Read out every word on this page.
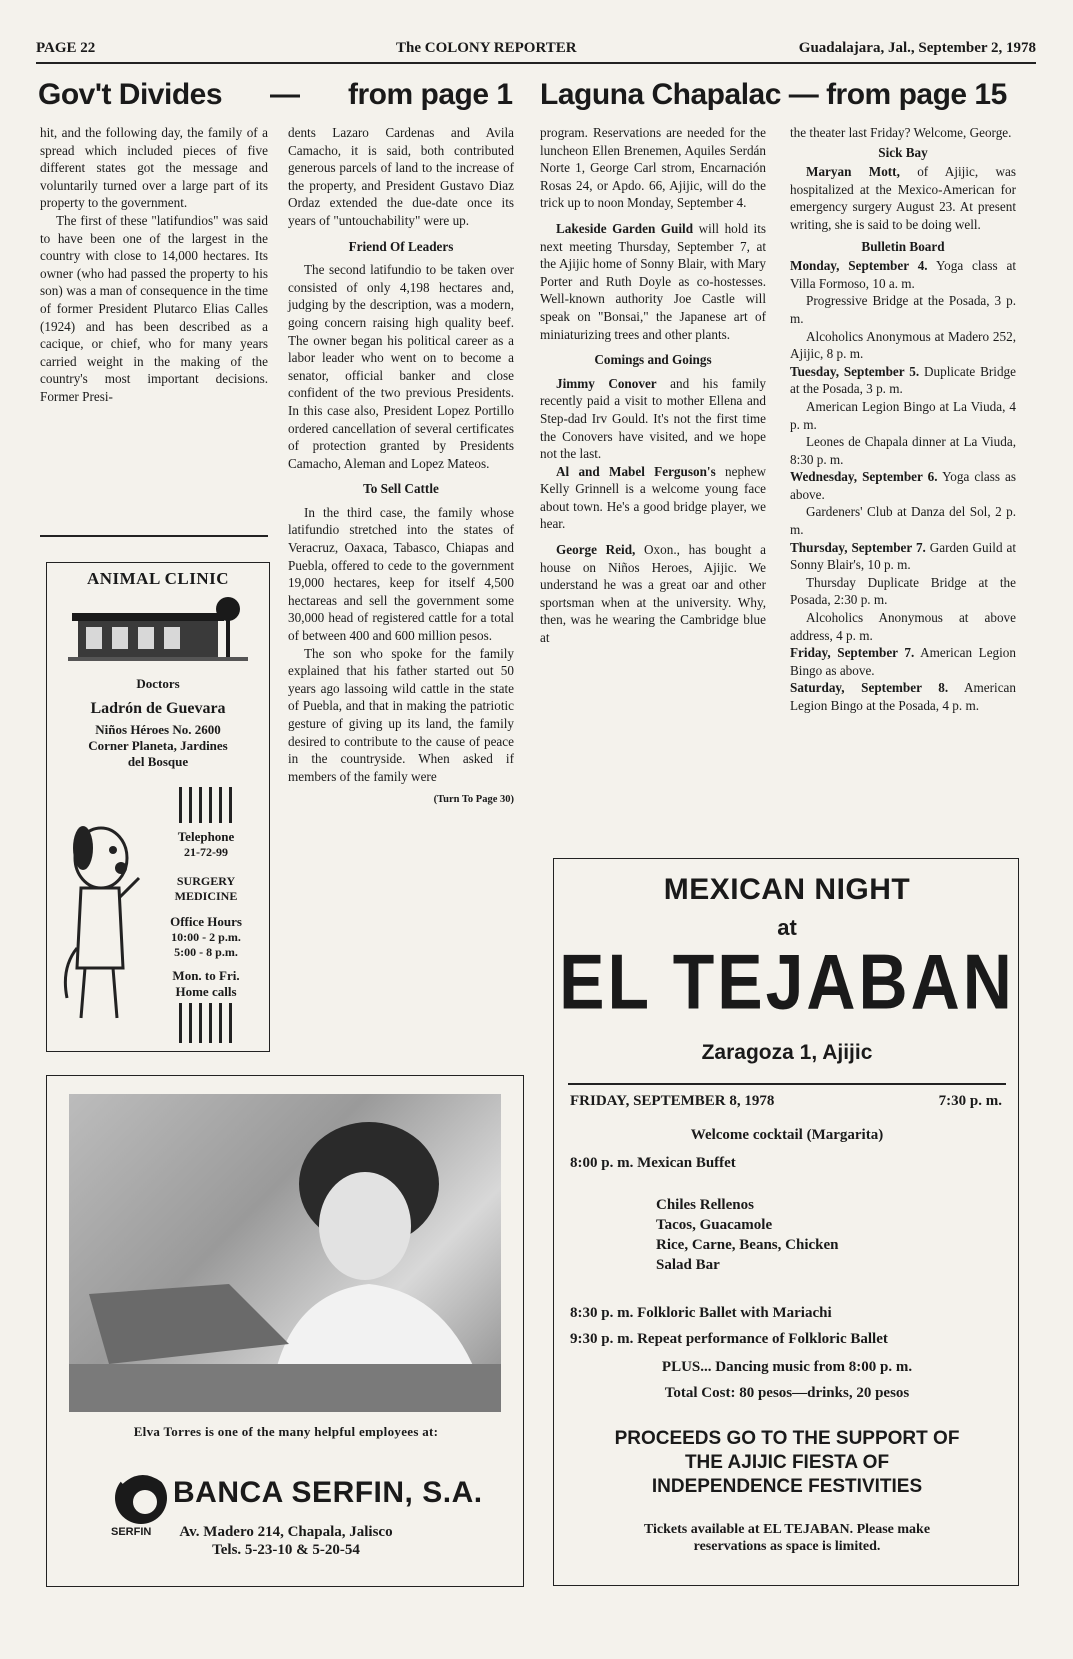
PAGE 22	The COLONY REPORTER	Guadalajara, Jal., September 2, 1978
Gov't Divides — from page 1

hit, and the following day, the family of a spread which included pieces of five different states got the message and voluntarily turned over a large part of its property to the government.

The first of these "latifundios" was said to have been one of the largest in the country with close to 14,000 hectares. Its owner (who had passed the property to his son) was a man of consequence in the time of former President Plutarco Elias Calles (1924) and has been described as a cacique, or chief, who for many years carried weight in the making of the country's most important decisions. Former Presi-

ANIMAL CLINIC
Doctors
Ladrón de Guevara
Niños Héroes No. 2600
Corner Planeta, Jardines
del Bosque
Telephone
21-72-99
SURGERY
MEDICINE
Office Hours
10:00 - 2 p.m.
5:00 - 8 p.m.
Mon. to Fri.
Home calls

dents Lazaro Cardenas and Avila Camacho, it is said, both contributed generous parcels of land to the increase of the property, and President Gustavo Diaz Ordaz extended the due-date once its years of "untouchability" were up.

Friend Of Leaders

The second latifundio to be taken over consisted of only 4,198 hectares and, judging by the description, was a modern, going concern raising high quality beef. The owner began his political career as a labor leader who went on to become a senator, official banker and close confident of the two previous Presidents. In this case also, President Lopez Portillo ordered cancellation of several certificates of protection granted by Presidents Camacho, Aleman and Lopez Mateos.

To Sell Cattle

In the third case, the family whose latifundio stretched into the states of Veracruz, Oaxaca, Tabasco, Chiapas and Puebla, offered to cede to the government 19,000 hectares, keep for itself 4,500 hectareas and sell the government some 30,000 head of registered cattle for a total of between 400 and 600 million pesos.

The son who spoke for the family explained that his father started out 50 years ago lassoing wild cattle in the state of Puebla, and that in making the patriotic gesture of giving up its land, the family desired to contribute to the cause of peace in the countryside. When asked if members of the family were

(Turn To Page 30)
Elva Torres is one of the many helpful employees at:
SERFIN
BANCA SERFIN, S.A.
Av. Madero 214, Chapala, Jalisco
Tels. 5-23-10 & 5-20-54
Laguna Chapalac — from page 15

program. Reservations are needed for the luncheon Ellen Brenemen, Aquiles Serdán Norte 1, George Carl strom, Encarnación Rosas 24, or Apdo. 66, Ajijic, will do the trick up to noon Monday, September 4.

Lakeside Garden Guild will hold its next meeting Thursday, September 7, at the Ajijic home of Sonny Blair, with Mary Porter and Ruth Doyle as co-hostesses. Well-known authority Joe Castle will speak on "Bonsai," the Japanese art of miniaturizing trees and other plants.

Comings and Goings

Jimmy Conover and his family recently paid a visit to mother Ellena and Step-dad Irv Gould. It's not the first time the Conovers have visited, and we hope not the last.

Al and Mabel Ferguson's nephew Kelly Grinnell is a welcome young face about town. He's a good bridge player, we hear.

George Reid, Oxon., has bought a house on Niños Heroes, Ajijic. We understand he was a great oar and other sportsman when at the university. Why, then, was he wearing the Cambridge blue at

the theater last Friday? Welcome, George.

Sick Bay

Maryan Mott, of Ajijic, was hospitalized at the Mexico-American for emergency surgery August 23. At present writing, she is said to be doing well.

Bulletin Board

Monday, September 4. Yoga class at Villa Formoso, 10 a. m.

Progressive Bridge at the Posada, 3 p. m.

Alcoholics Anonymous at Madero 252, Ajijic, 8 p. m.

Tuesday, September 5. Duplicate Bridge at the Posada, 3 p. m.

American Legion Bingo at La Viuda, 4 p. m.

Leones de Chapala dinner at La Viuda, 8:30 p. m.

Wednesday, September 6. Yoga class as above.

Gardeners' Club at Danza del Sol, 2 p. m.

Thursday, September 7. Garden Guild at Sonny Blair's, 10 p. m.

Thursday Duplicate Bridge at the Posada, 2:30 p. m.

Alcoholics Anonymous at above address, 4 p. m.

Friday, September 7. American Legion Bingo as above.

Saturday, September 8. American Legion Bingo at the Posada, 4 p. m.

MEXICAN NIGHT
at
EL TEJABAN
Zaragoza 1, Ajijic
FRIDAY, SEPTEMBER 8, 1978	7:30 p. m.
Welcome cocktail (Margarita)
8:00 p. m. Mexican Buffet
Chiles Rellenos
Tacos, Guacamole
Rice, Carne, Beans, Chicken
Salad Bar
8:30 p. m. Folkloric Ballet with Mariachi
9:30 p. m. Repeat performance of Folkloric Ballet
PLUS... Dancing music from 8:00 p. m.
Total Cost: 80 pesos—drinks, 20 pesos
PROCEEDS GO TO THE SUPPORT OF
THE AJIJIC FIESTA OF
INDEPENDENCE FESTIVITIES
Tickets available at EL TEJABAN. Please make
reservations as space is limited.
